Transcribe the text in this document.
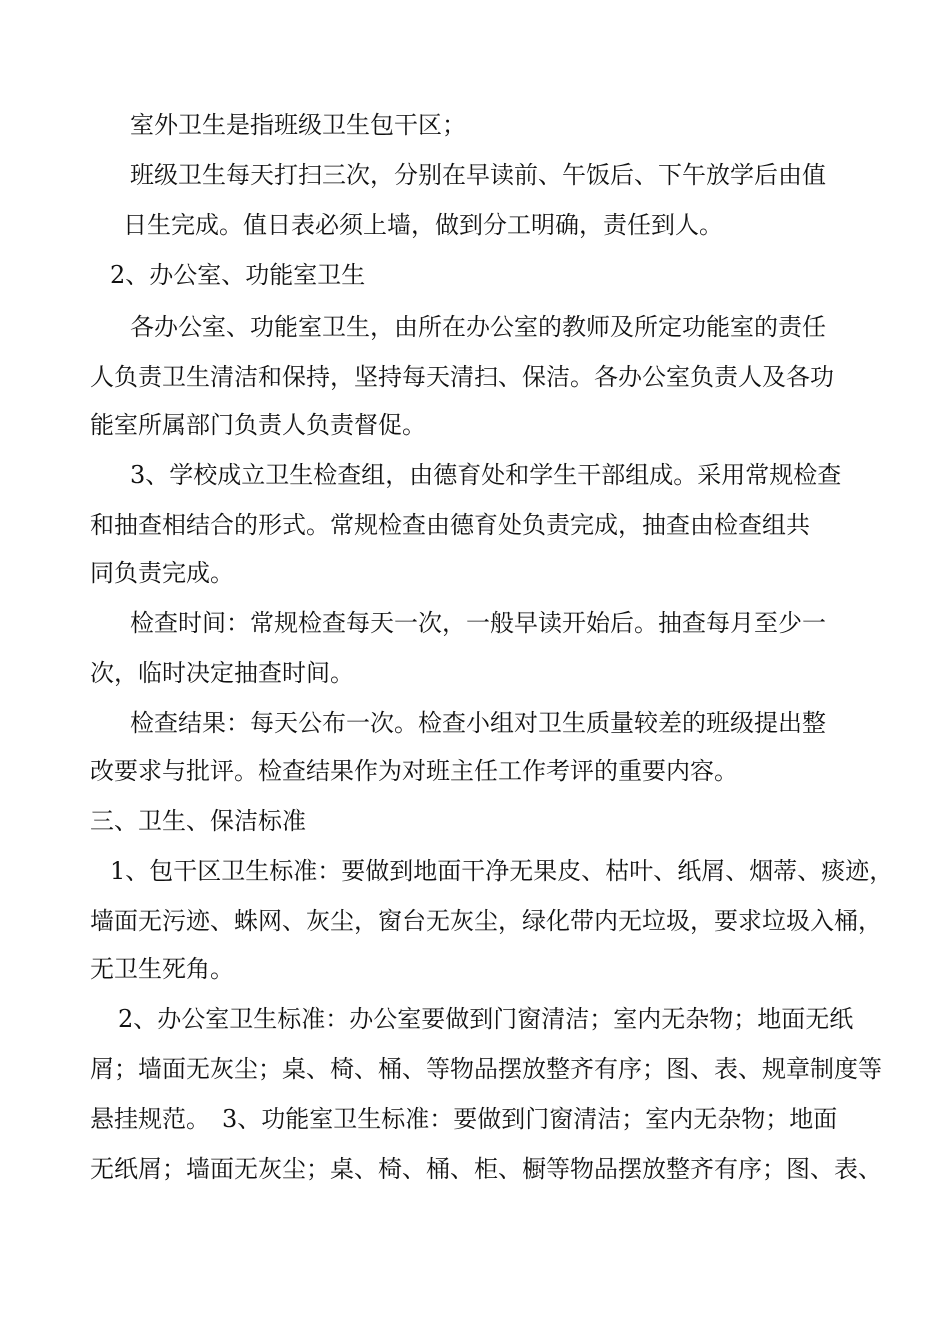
室外卫生是指班级卫生包干区；
班级卫生每天打扫三次，分别在早读前、午饭后、下午放学后由值
日生完成。值日表必须上墙，做到分工明确，责任到人。
2、办公室、功能室卫生
各办公室、功能室卫生，由所在办公室的教师及所定功能室的责任
人负责卫生清洁和保持，坚持每天清扫、保洁。各办公室负责人及各功
能室所属部门负责人负责督促。
3、学校成立卫生检查组，由德育处和学生干部组成。采用常规检查
和抽查相结合的形式。常规检查由德育处负责完成，抽查由检查组共
同负责完成。
检查时间：常规检查每天一次，一般早读开始后。抽查每月至少一
次，临时决定抽查时间。
检查结果：每天公布一次。检查小组对卫生质量较差的班级提出整
改要求与批评。检查结果作为对班主任工作考评的重要内容。
三、卫生、保洁标准
1、包干区卫生标准：要做到地面干净无果皮、枯叶、纸屑、烟蒂、痰迹，
墙面无污迹、蛛网、灰尘，窗台无灰尘，绿化带内无垃圾，要求垃圾入桶，
无卫生死角。
2、办公室卫生标准：办公室要做到门窗清洁；室内无杂物；地面无纸
屑；墙面无灰尘；桌、椅、桶、等物品摆放整齐有序；图、表、规章制度等
悬挂规范。　3、功能室卫生标准：要做到门窗清洁；室内无杂物；地面
无纸屑；墙面无灰尘；桌、椅、桶、柜、橱等物品摆放整齐有序；图、表、
